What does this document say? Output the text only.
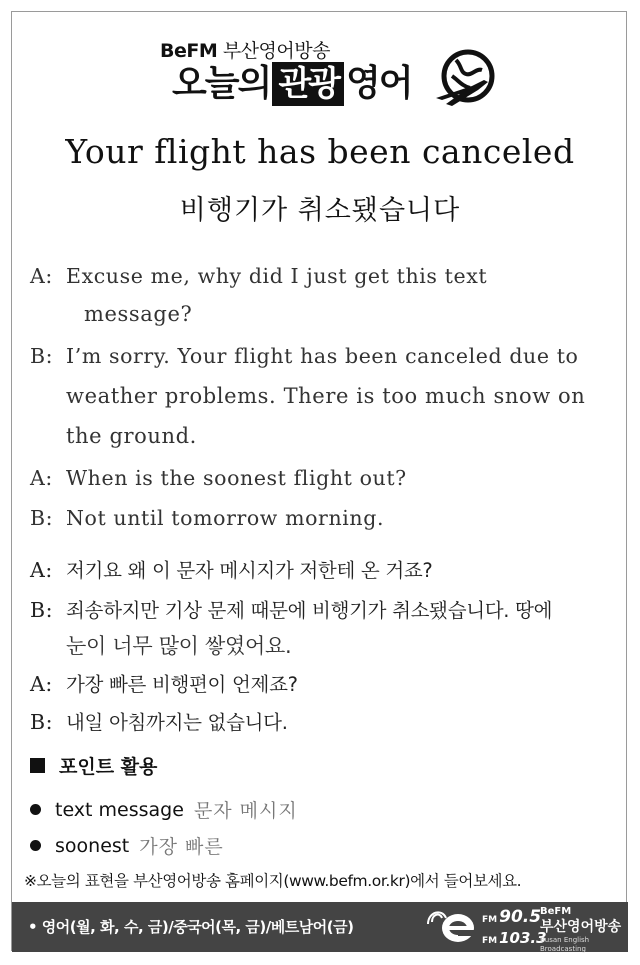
BeFM 부산영어방송
오늘의 관광 영어
Your flight has been canceled
비행기가 취소됐습니다
A: Excuse me, why did I just get this text
message?
B: I’m sorry. Your flight has been canceled due to
weather problems. There is too much snow on
the ground.
A: When is the soonest flight out?
B: Not until tomorrow morning.
A: 저기요 왜 이 문자 메시지가 저한테 온 거죠?
B: 죄송하지만 기상 문제 때문에 비행기가 취소됐습니다. 땅에
눈이 너무 많이 쌓였어요.
A: 가장 빠른 비행편이 언제죠?
B: 내일 아침까지는 없습니다.
포인트 활용
text message 문자 메시지
soonest 가장 빠른
※오늘의 표현을 부산영어방송 홈페이지(www.befm.or.kr)에서 들어보세요.
• 영어(월, 화, 수, 금)/중국어(목, 금)/베트남어(금)	FM 90.5
FM 103.3
BeFM
부산영어방송
Busan English Broadcasting
